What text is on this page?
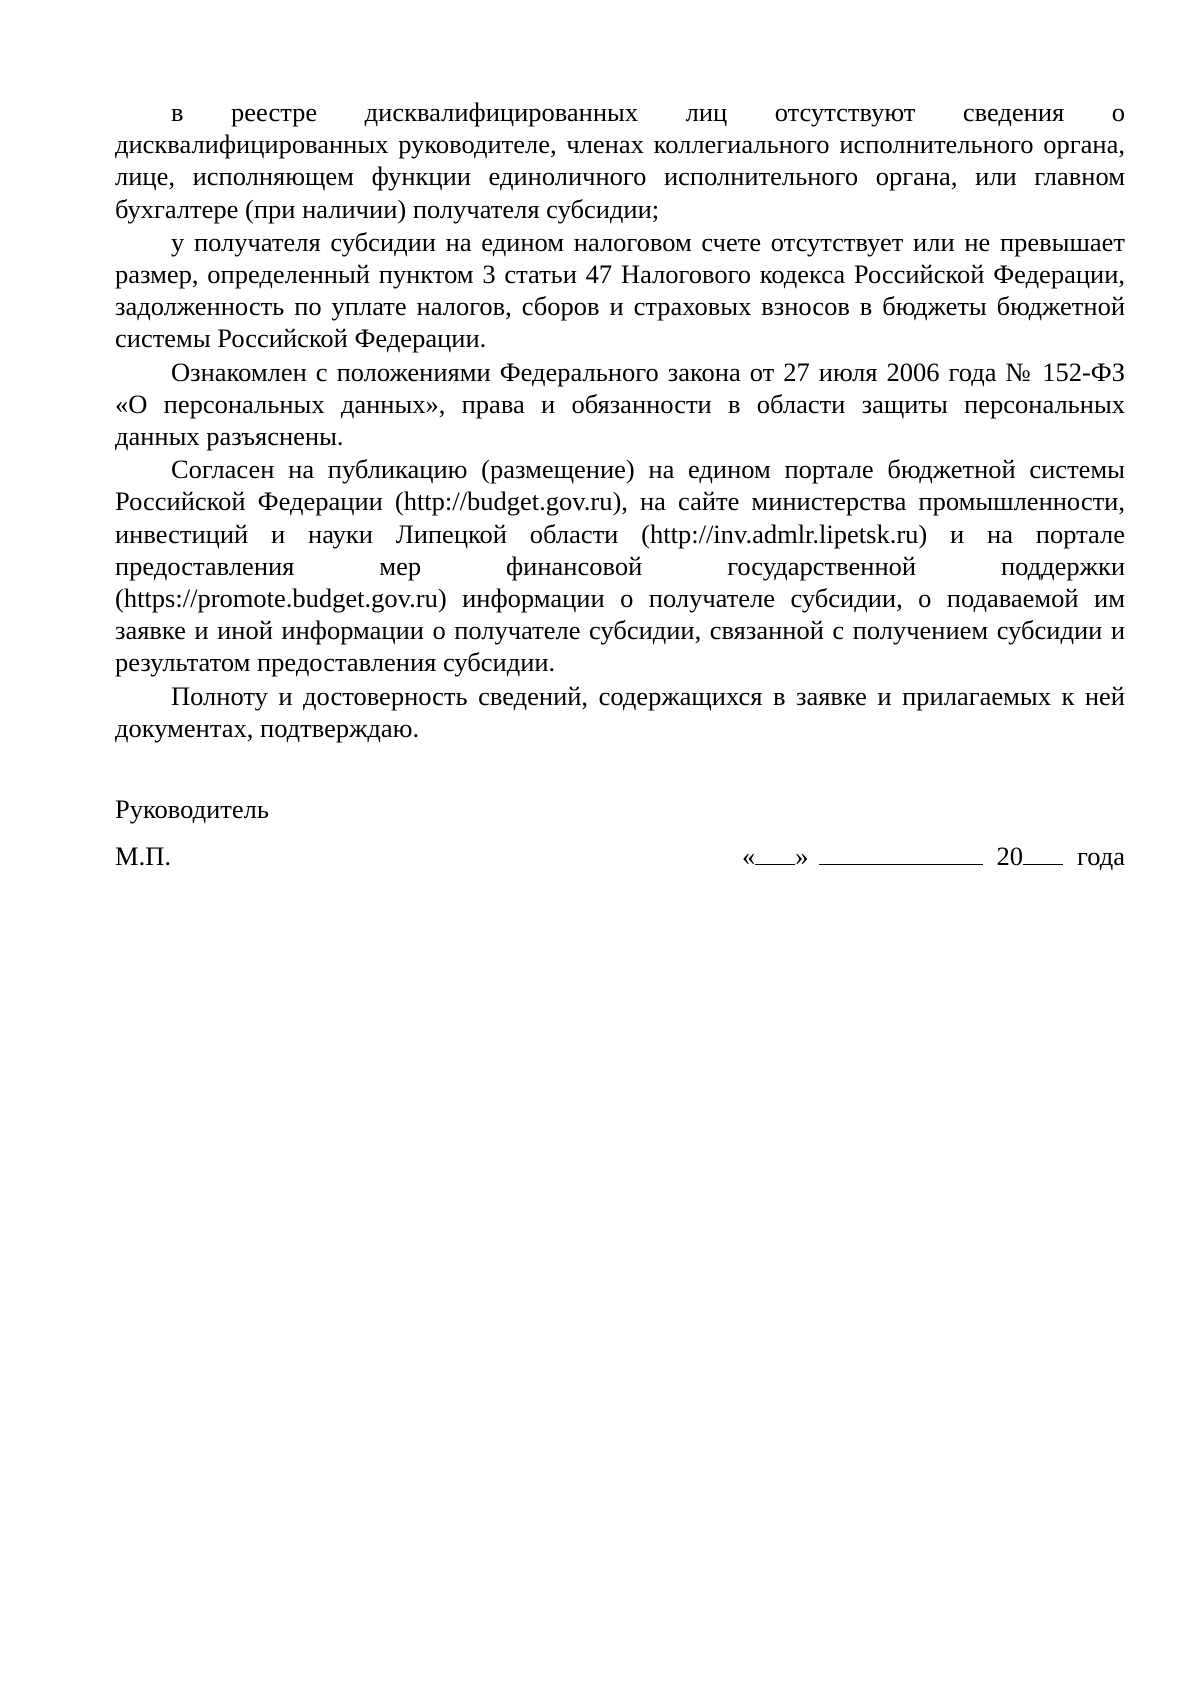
в реестре дисквалифицированных лиц отсутствуют сведения о дисквалифицированных руководителе, членах коллегиального исполнительного органа, лице, исполняющем функции единоличного исполнительного органа, или главном бухгалтере (при наличии) получателя субсидии;

у получателя субсидии на едином налоговом счете отсутствует или не превышает размер, определенный пунктом 3 статьи 47 Налогового кодекса Российской Федерации, задолженность по уплате налогов, сборов и страховых взносов в бюджеты бюджетной системы Российской Федерации.

Ознакомлен с положениями Федерального закона от 27 июля 2006 года № 152-ФЗ «О персональных данных», права и обязанности в области защиты персональных данных разъяснены.

Согласен на публикацию (размещение) на едином портале бюджетной системы Российской Федерации (http://budget.gov.ru), на сайте министерства промышленности, инвестиций и науки Липецкой области (http://inv.admlr.lipetsk.ru) и на портале предоставления мер финансовой государственной поддержки (https://promote.budget.gov.ru) информации о получателе субсидии, о подаваемой им заявке и иной информации о получателе субсидии, связанной с получением субсидии и результатом предоставления субсидии.

Полноту и достоверность сведений, содержащихся в заявке и прилагаемых к ней документах, подтверждаю.

Руководитель

М.П.	« »	20 года
